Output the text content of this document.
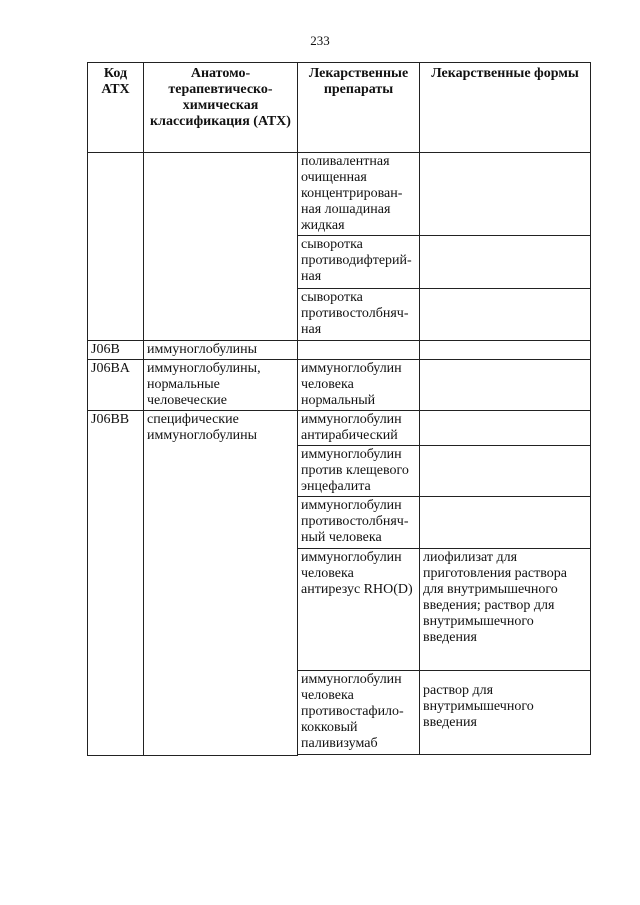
233
Код АТХ	Анатомо-терапевтическо-химическая классификация (АТХ)	Лекарственные препараты	Лекарственные формы
		поливалентная очищенная концентрирован-ная лошадиная жидкая	
		сыворотка противодифтерий-ная	
		сыворотка противостолбняч-ная	
J06B	иммуноглобулины		
J06BA	иммуноглобулины, нормальные человеческие	иммуноглобулин человека нормальный	
J06BB	специфические иммуноглобулины	иммуноглобулин антирабический	
		иммуноглобулин против клещевого энцефалита	
		иммуноглобулин противостолбняч-ный человека	
		иммуноглобулин человека антирезус RHO(D)	лиофилизат для приготовления раствора для внутримышечного введения; раствор для внутримышечного введения
		иммуноглобулин человека противостафило-кокковый паливизумаб	раствор для внутримышечного введения
